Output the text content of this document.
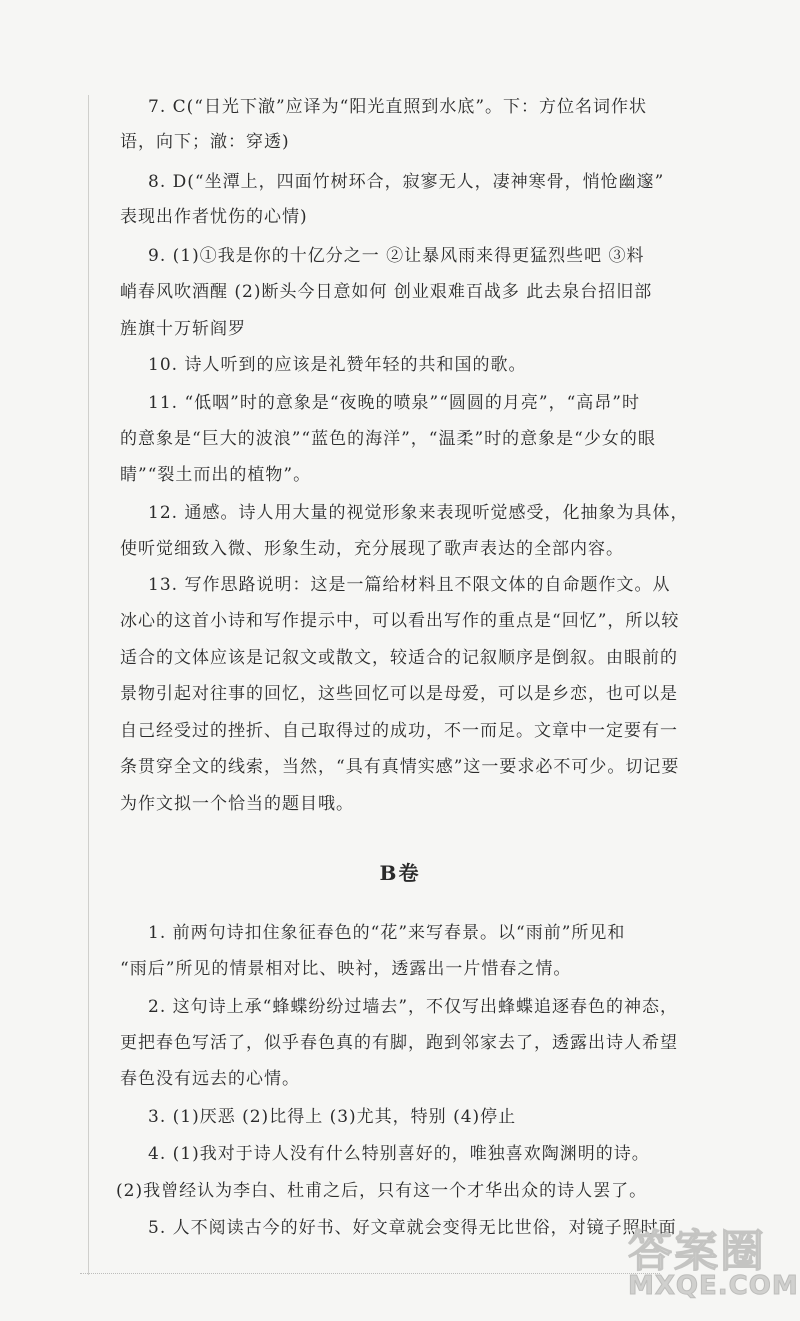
7. C(“日光下澈”应译为“阳光直照到水底”。下：方位名词作状
语，向下；澈：穿透)
8. D(“坐潭上，四面竹树环合，寂寥无人，凄神寒骨，悄怆幽邃”
表现出作者忧伤的心情)
9. (1)①我是你的十亿分之一 ②让暴风雨来得更猛烈些吧 ③料
峭春风吹酒醒 (2)断头今日意如何 创业艰难百战多 此去泉台招旧部
旌旗十万斩阎罗
10. 诗人听到的应该是礼赞年轻的共和国的歌。
11. “低咽”时的意象是“夜晚的喷泉”“圆圆的月亮”，“高昂”时
的意象是“巨大的波浪”“蓝色的海洋”，“温柔”时的意象是“少女的眼
睛”“裂土而出的植物”。
12. 通感。诗人用大量的视觉形象来表现听觉感受，化抽象为具体，
使听觉细致入微、形象生动，充分展现了歌声表达的全部内容。
13. 写作思路说明：这是一篇给材料且不限文体的自命题作文。从
冰心的这首小诗和写作提示中，可以看出写作的重点是“回忆”，所以较
适合的文体应该是记叙文或散文，较适合的记叙顺序是倒叙。由眼前的
景物引起对往事的回忆，这些回忆可以是母爱，可以是乡恋，也可以是
自己经受过的挫折、自己取得过的成功，不一而足。文章中一定要有一
条贯穿全文的线索，当然，“具有真情实感”这一要求必不可少。切记要
为作文拟一个恰当的题目哦。
B卷
1. 前两句诗扣住象征春色的“花”来写春景。以“雨前”所见和
“雨后”所见的情景相对比、映衬，透露出一片惜春之情。
2. 这句诗上承“蜂蝶纷纷过墙去”，不仅写出蜂蝶追逐春色的神态，
更把春色写活了，似乎春色真的有脚，跑到邻家去了，透露出诗人希望
春色没有远去的心情。
3. (1)厌恶 (2)比得上 (3)尤其，特别 (4)停止
4. (1)我对于诗人没有什么特别喜好的，唯独喜欢陶渊明的诗。
(2)我曾经认为李白、杜甫之后，只有这一个才华出众的诗人罢了。
5. 人不阅读古今的好书、好文章就会变得无比世俗，对镜子照时面
答案圈
MXQE.COM
